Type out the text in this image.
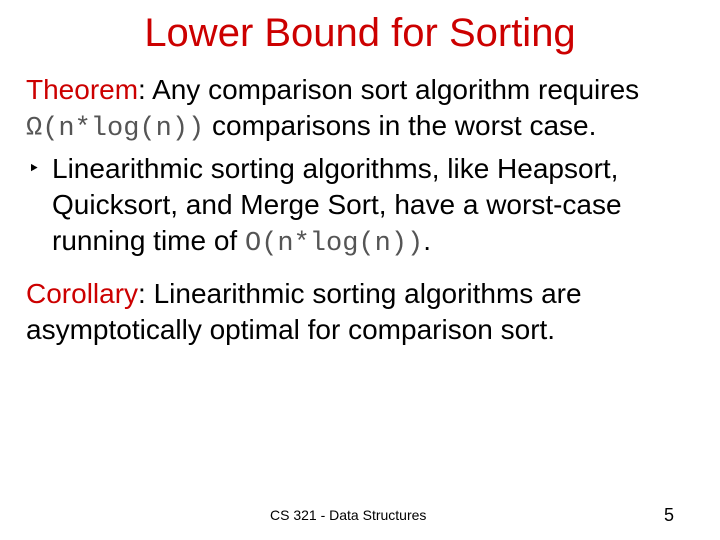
Lower Bound for Sorting

Theorem: Any comparison sort algorithm requires Ω(n*log(n)) comparisons in the worst case.

‣ Linearithmic sorting algorithms, like Heapsort, Quicksort, and Merge Sort, have a worst-case running time of O(n*log(n)).

Corollary: Linearithmic sorting algorithms are asymptotically optimal for comparison sort.

CS 321 - Data Structures	5
